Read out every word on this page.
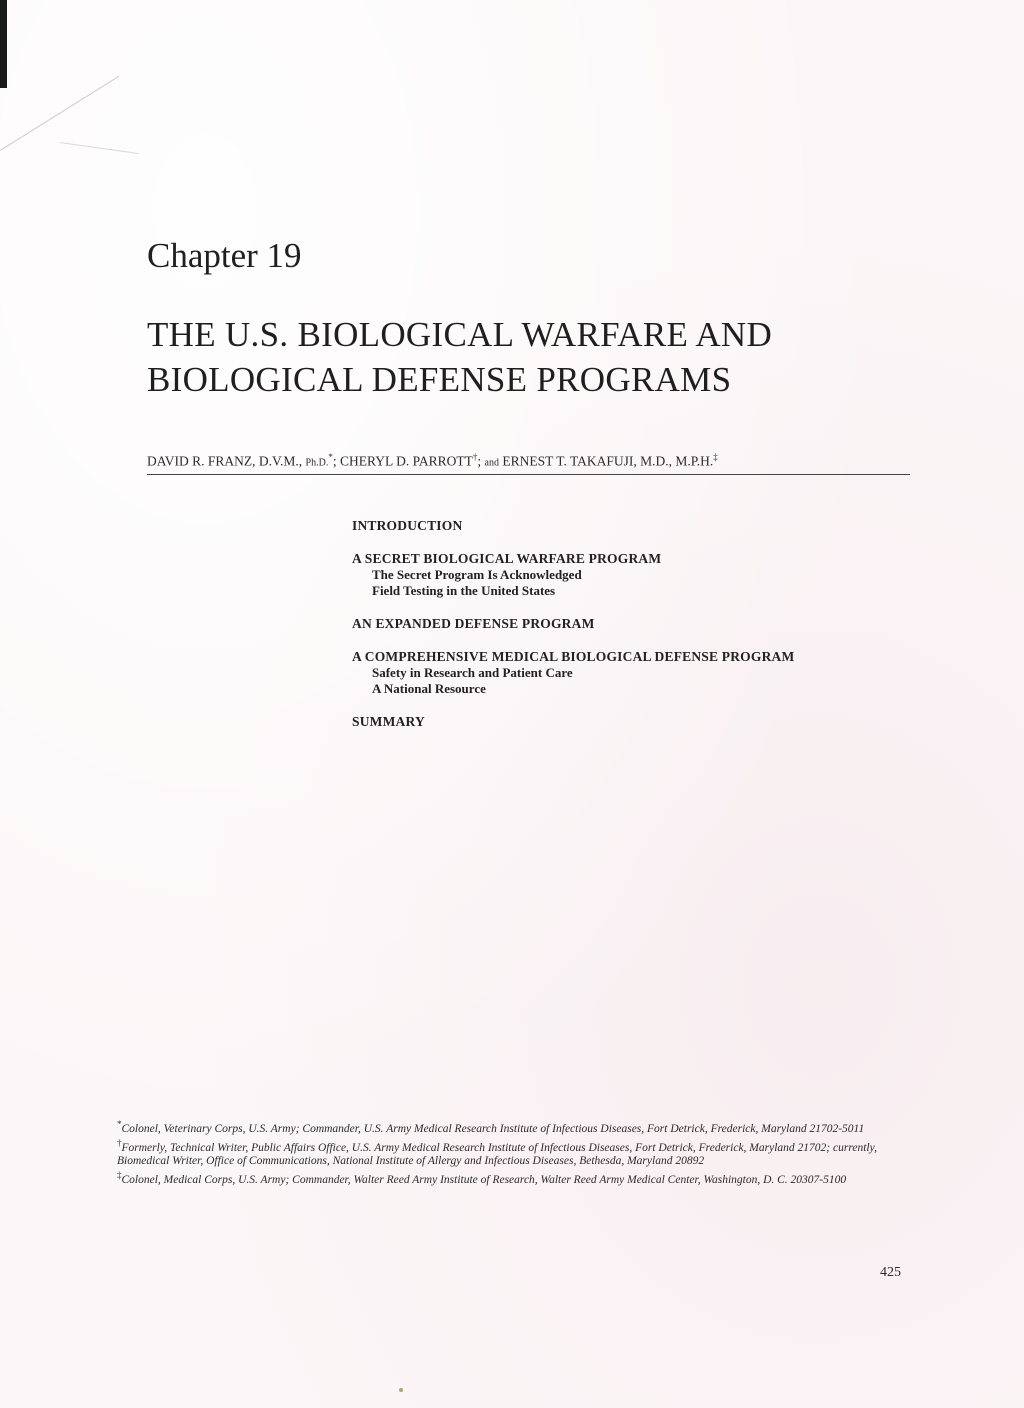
Chapter 19
THE U.S. BIOLOGICAL WARFARE AND
BIOLOGICAL DEFENSE PROGRAMS
DAVID R. FRANZ, D.V.M., Ph.D.*; CHERYL D. PARROTT†; and ERNEST T. TAKAFUJI, M.D., M.P.H.‡
INTRODUCTION
A SECRET BIOLOGICAL WARFARE PROGRAM
The Secret Program Is Acknowledged
Field Testing in the United States
AN EXPANDED DEFENSE PROGRAM
A COMPREHENSIVE MEDICAL BIOLOGICAL DEFENSE PROGRAM
Safety in Research and Patient Care
A National Resource
SUMMARY
*Colonel, Veterinary Corps, U.S. Army; Commander, U.S. Army Medical Research Institute of Infectious Diseases, Fort Detrick, Frederick, Maryland 21702-5011
†Formerly, Technical Writer, Public Affairs Office, U.S. Army Medical Research Institute of Infectious Diseases, Fort Detrick, Frederick, Maryland 21702; currently, Biomedical Writer, Office of Communications, National Institute of Allergy and Infectious Diseases, Bethesda, Maryland 20892
‡Colonel, Medical Corps, U.S. Army; Commander, Walter Reed Army Institute of Research, Walter Reed Army Medical Center, Washington, D. C. 20307-5100
425
